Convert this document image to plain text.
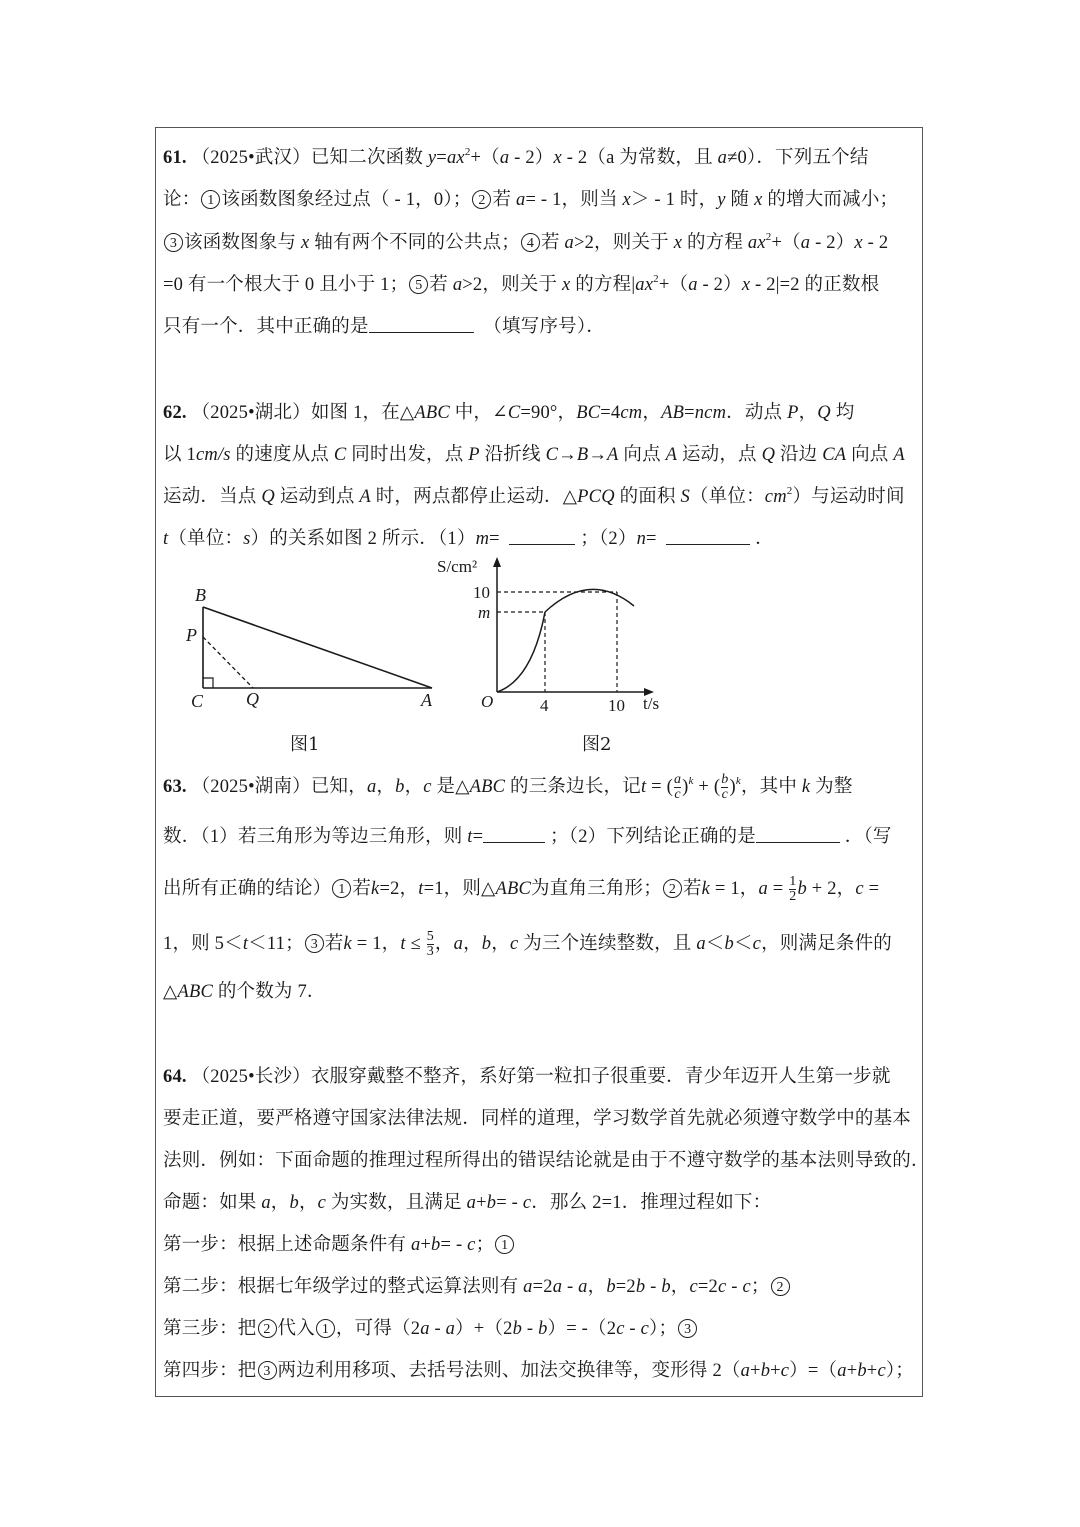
61. （2025•武汉）已知二次函数 $y=ax^2+(a - 2)x - 2(a$ 为常数，且 a≠0）．下列五个结
论： 1 该函数图象经过点（ - 1，0）； 2 若 a= - 1，则当 x＞ - 1 时，y 随 x 的增大而减小；
3 该函数图象与 x 轴有两个不同的公共点； 4 若 a>2，则关于 x 的方程 $ax^2+(a - 2)x - 2$
=0 有一个根大于 0 且小于 1； 5 若 a>2，则关于 x 的方程$|ax^2+(a - 2)x - 2|=2$ 的正数根
只有一个．其中正确的是	（填写序号）．
62. （2025•湖北）如图 1，在△ABC 中，∠C=90°，BC=4cm，AB=ncm．动点 P，Q 均
以 1cm/s 的速度从点 C 同时出发，点 P 沿折线 C→B→A 向点 A 运动，点 Q 沿边 CA 向点 A
运动．当点 Q 运动到点 A 时，两点都停止运动．△PCQ 的面积 S（单位：$cm^2$）与运动时间
t（单位：s）的关系如图 2 所示．（1）m=	；（2）n=	．
B
P
C Q	A
图1
S/cm²
10
m
O	4	10 t/s
图2
63. （2025•湖南）已知，a，b，c 是△ABC 的三条边长，记t = ( $\frac{a}{c} )^k$ + ( $\frac{b}{c} )^k$，其中 k 为整
数．（1）若三角形为等边三角形，则 t=	；（2）下列结论正确的是	．（写
出所有正确的结论） 1 若k=2，t=1，则△ABC为直角三角形； 2 若k = 1，$a = \frac{1}{2}$ b + 2，c =
1，则 5＜t＜11； 3 若k = 1，$t \le \frac{5}{3}$ ，a，b，c 为三个连续整数，且 a＜b＜c，则满足条件的
△ABC 的个数为 7．
64. （2025•长沙）衣服穿戴整不整齐，系好第一粒扣子很重要．青少年迈开人生第一步就
要走正道，要严格遵守国家法律法规．同样的道理，学习数学首先就必须遵守数学中的基本
法则．例如：下面命题的推理过程所得出的错误结论就是由于不遵守数学的基本法则导致的．
命题：如果 a，b，c 为实数，且满足 a+b= - c．那么 2=1．推理过程如下：
第一步：根据上述命题条件有 a+b= - c； 1
第二步：根据七年级学过的整式运算法则有 a=2a - a，b=2b - b，c=2c - c； 2
第三步：把 2 代入 1 ，可得（2a - a）+（2b - b）= -（2c - c）； 3
第四步：把 3 两边利用移项、去括号法则、加法交换律等，变形得 2（a+b+c）=（a+b+c）；
